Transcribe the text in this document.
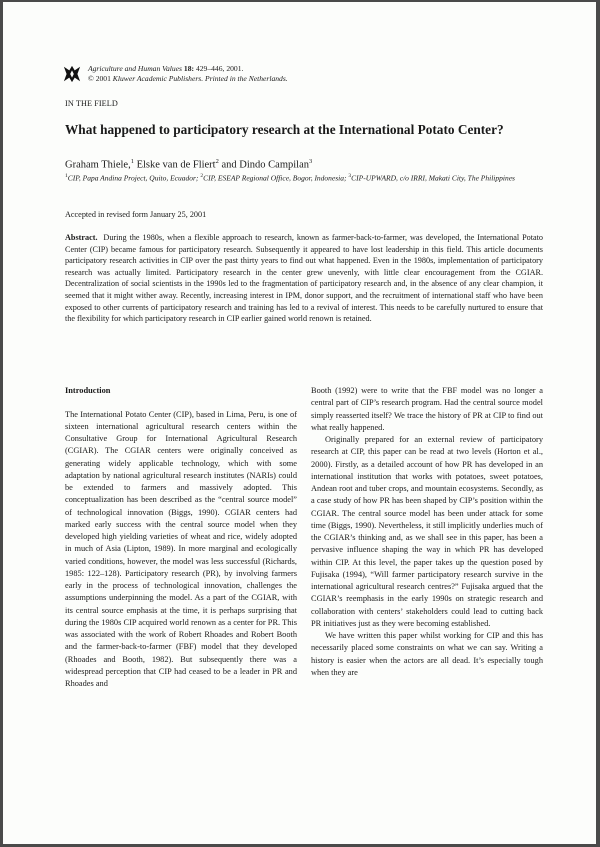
Agriculture and Human Values 18: 429–446, 2001.
© 2001 Kluwer Academic Publishers. Printed in the Netherlands.
IN THE FIELD
What happened to participatory research at the International Potato Center?
Graham Thiele,$^1$ Elske van de Fliert$^2$ and Dindo Campilan$^3$
$^1$CIP, Papa Andina Project, Quito, Ecuador; $^2$CIP, ESEAP Regional Office, Bogor, Indonesia; $^3$CIP-UPWARD, c/o IRRI, Makati City, The Philippines
Accepted in revised form January 25, 2001
Abstract. During the 1980s, when a flexible approach to research, known as farmer-back-to-farmer, was developed, the International Potato Center (CIP) became famous for participatory research. Subsequently it appeared to have lost leadership in this field. This article documents participatory research activities in CIP over the past thirty years to find out what happened. Even in the 1980s, implementation of participatory research was actually limited. Participatory research in the center grew unevenly, with little clear encouragement from the CGIAR. Decentralization of social scientists in the 1990s led to the fragmentation of participatory research and, in the absence of any clear champion, it seemed that it might wither away. Recently, increasing interest in IPM, donor support, and the recruitment of international staff who have been exposed to other currents of participatory research and training has led to a revival of interest. This needs to be carefully nurtured to ensure that the flexibility for which participatory research in CIP earlier gained world renown is retained.
Introduction

The International Potato Center (CIP), based in Lima, Peru, is one of sixteen international agricultural research centers within the Consultative Group for International Agricultural Research (CGIAR). The CGIAR centers were originally conceived as generating widely applicable technology, which with some adaptation by national agricultural research institutes (NARIs) could be extended to farmers and massively adopted. This conceptualization has been described as the “central source model” of technological innovation (Biggs, 1990). CGIAR centers had marked early success with the central source model when they developed high yielding varieties of wheat and rice, widely adopted in much of Asia (Lipton, 1989). In more marginal and ecologically varied conditions, however, the model was less successful (Richards, 1985: 122–128). Participatory research (PR), by involving farmers early in the process of technological innovation, challenges the assumptions underpinning the model. As a part of the CGIAR, with its central source emphasis at the time, it is perhaps surprising that during the 1980s CIP acquired world renown as a center for PR. This was associated with the work of Robert Rhoades and Robert Booth and the farmer-back-to-farmer (FBF) model that they developed (Rhoades and Booth, 1982). But subsequently there was a widespread perception that CIP had ceased to be a leader in PR and Rhoades and

Booth (1992) were to write that the FBF model was no longer a central part of CIP’s research program. Had the central source model simply reasserted itself? We trace the history of PR at CIP to find out what really happened.

Originally prepared for an external review of participatory research at CIP, this paper can be read at two levels (Horton et al., 2000). Firstly, as a detailed account of how PR has developed in an international institution that works with potatoes, sweet potatoes, Andean root and tuber crops, and mountain ecosystems. Secondly, as a case study of how PR has been shaped by CIP’s position within the CGIAR. The central source model has been under attack for some time (Biggs, 1990). Nevertheless, it still implicitly underlies much of the CGIAR’s thinking and, as we shall see in this paper, has been a pervasive influence shaping the way in which PR has developed within CIP. At this level, the paper takes up the question posed by Fujisaka (1994), “Will farmer participatory research survive in the international agricultural research centres?” Fujisaka argued that the CGIAR’s reemphasis in the early 1990s on strategic research and collaboration with centers’ stakeholders could lead to cutting back PR initiatives just as they were becoming established.

We have written this paper whilst working for CIP and this has necessarily placed some constraints on what we can say. Writing a history is easier when the actors are all dead. It’s especially tough when they are
